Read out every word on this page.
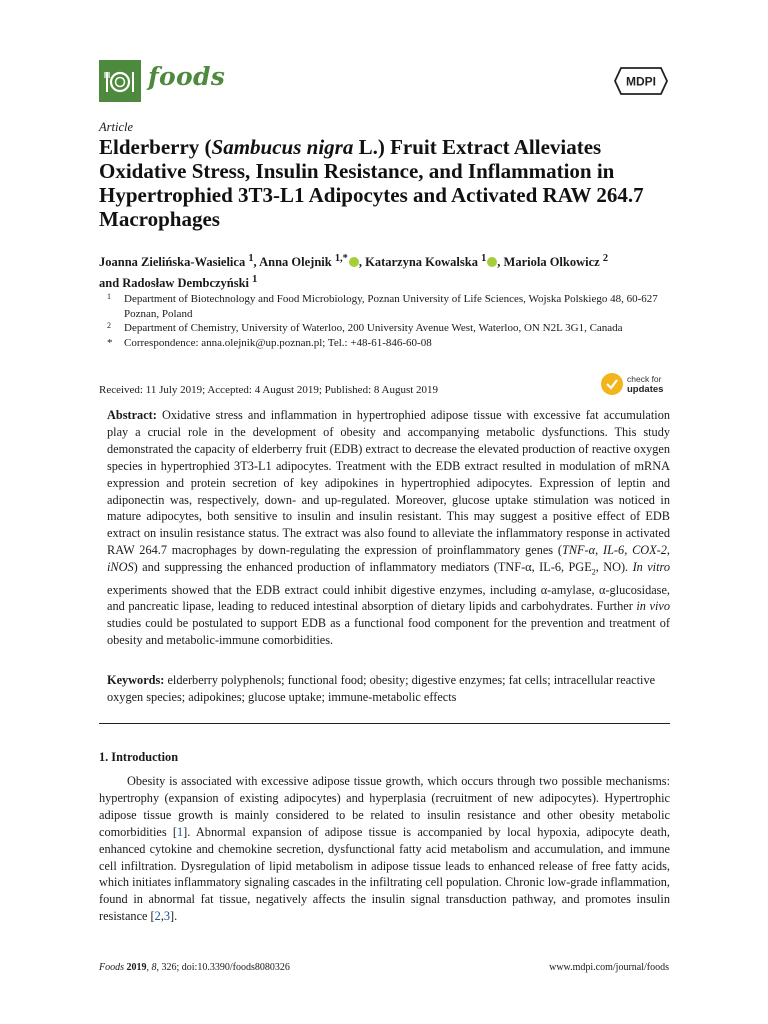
foods	MDPI
Article
Elderberry (Sambucus nigra L.) Fruit Extract Alleviates Oxidative Stress, Insulin Resistance, and Inflammation in Hypertrophied 3T3-L1 Adipocytes and Activated RAW 264.7 Macrophages
Joanna Zielińska-Wasielica $^1$, Anna Olejnik $^{1,*}$ , Katarzyna Kowalska $^1$ , Mariola Olkowicz $^2$
and Radosław Dembczyński $^1$
1 Department of Biotechnology and Food Microbiology, Poznan University of Life Sciences, Wojska Polskiego 48, 60-627 Poznan, Poland
2 Department of Chemistry, University of Waterloo, 200 University Avenue West, Waterloo, ON N2L 3G1, Canada
* Correspondence: anna.olejnik@up.poznan.pl; Tel.: +48-61-846-60-08
Received: 11 July 2019; Accepted: 4 August 2019; Published: 8 August 2019
check for
updates
Abstract: Oxidative stress and inflammation in hypertrophied adipose tissue with excessive fat accumulation play a crucial role in the development of obesity and accompanying metabolic dysfunctions. This study demonstrated the capacity of elderberry fruit (EDB) extract to decrease the elevated production of reactive oxygen species in hypertrophied 3T3-L1 adipocytes. Treatment with the EDB extract resulted in modulation of mRNA expression and protein secretion of key adipokines in hypertrophied adipocytes. Expression of leptin and adiponectin was, respectively, down- and up-regulated. Moreover, glucose uptake stimulation was noticed in mature adipocytes, both sensitive to insulin and insulin resistant. This may suggest a positive effect of EDB extract on insulin resistance status. The extract was also found to alleviate the inflammatory response in activated RAW 264.7 macrophages by down-regulating the expression of proinflammatory genes (TNF-α, IL-6, COX-2, iNOS) and suppressing the enhanced production of inflammatory mediators (TNF-α, IL-6, $PGE_2$, NO). In vitro experiments showed that the EDB extract could inhibit digestive enzymes, including α-amylase, α-glucosidase, and pancreatic lipase, leading to reduced intestinal absorption of dietary lipids and carbohydrates. Further in vivo studies could be postulated to support EDB as a functional food component for the prevention and treatment of obesity and metabolic-immune comorbidities.
Keywords: elderberry polyphenols; functional food; obesity; digestive enzymes; fat cells; intracellular reactive oxygen species; adipokines; glucose uptake; immune-metabolic effects
1. Introduction
Obesity is associated with excessive adipose tissue growth, which occurs through two possible mechanisms: hypertrophy (expansion of existing adipocytes) and hyperplasia (recruitment of new adipocytes). Hypertrophic adipose tissue growth is mainly considered to be related to insulin resistance and other obesity metabolic comorbidities [1]. Abnormal expansion of adipose tissue is accompanied by local hypoxia, adipocyte death, enhanced cytokine and chemokine secretion, dysfunctional fatty acid metabolism and accumulation, and immune cell infiltration. Dysregulation of lipid metabolism in adipose tissue leads to enhanced release of free fatty acids, which initiates inflammatory signaling cascades in the infiltrating cell population. Chronic low-grade inflammation, found in abnormal fat tissue, negatively affects the insulin signal transduction pathway, and promotes insulin resistance [2,3].
Foods 2019, 8, 326; doi:10.3390/foods8080326	www.mdpi.com/journal/foods
